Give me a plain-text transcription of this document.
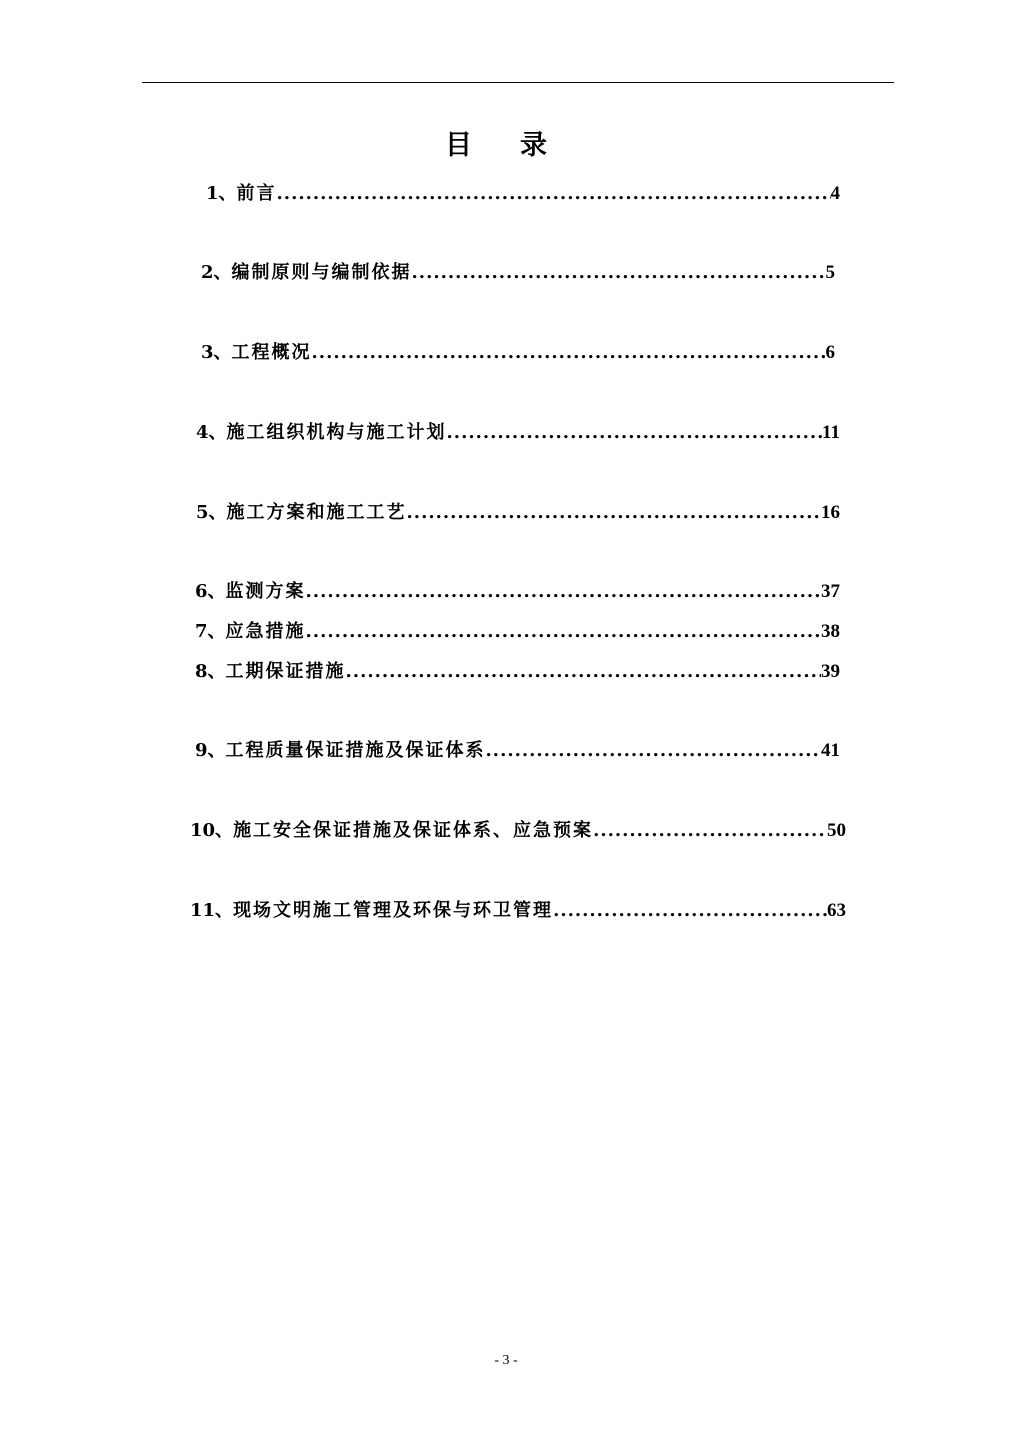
目录
1、 前言 .....	4
2、 编制原则与编制依据 .....	5
3、 工程概况 .....	6
4、 施工组织机构与施工计划 .....	11
5、 施工方案和施工工艺 .....	16
6、 监测方案 .....	37
7、 应急措施 .....	38
8、 工期保证措施 .....	39
9、 工程质量保证措施及保证体系 .....	41
10、 施工安全保证措施及保证体系、应急预案 .....	50
11、 现场文明施工管理及环保与环卫管理 .....	63
- 3 -
